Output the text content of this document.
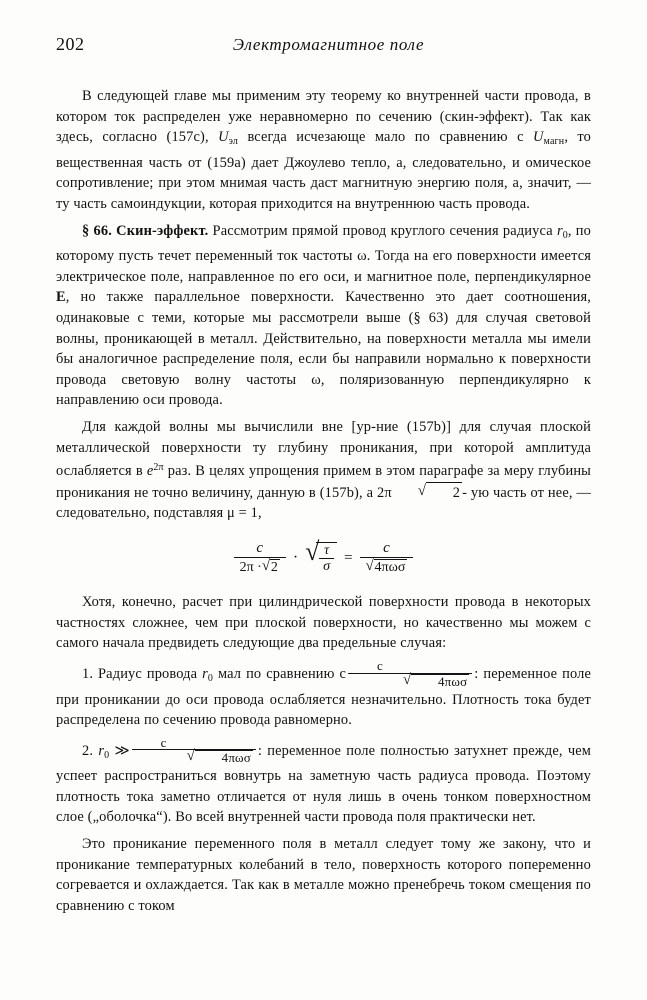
202	Электромагнитное поле

В следующей главе мы применим эту теорему ко внутренней части провода, в котором ток распределен уже неравномерно по сечению (скин-эффект). Так как здесь, согласно (157с), $U_{эл}$ всегда исчезающе мало по сравнению с $U_{магн}$, то вещественная часть от (159а) дает Джоулево тепло, а, следовательно, и омическое сопротивление; при этом мнимая часть даст магнитную энергию поля, а, значит, — ту часть самоиндукции, которая приходится на внутреннюю часть провода.

§ 66. Скин-эффект. Рассмотрим прямой провод круглого сечения радиуса $r_0$, по которому пусть течет переменный ток частоты ω. Тогда на его поверхности имеется электрическое поле, направленное по его оси, и магнитное поле, перпендикулярное E, но также параллельное поверхности. Качественно это дает соотношения, одинаковые с теми, которые мы рассмотрели выше (§ 63) для случая световой волны, проникающей в металл. Действительно, на поверхности металла мы имели бы аналогичное распределение поля, если бы направили нормально к поверхности провода световую волну частоты ω, поляризованную перпендикулярно к направлению оси провода.

Для каждой волны мы вычислили вне [ур-ние (157b)] для случая плоской металлической поверхности ту глубину проникания, при которой амплитуда ослабляется в $e^{2\pi}$ раз. В целях упрощения примем в этом параграфе за меру глубины проникания не точно величину, данную в (157b), а 2π	√ 2 - ую часть от нее, — следовательно, подставляя μ = 1,

$\frac{c}{2\pi \cdot √ 2}$ · √ $\frac{\tau}{\sigma} = c$
√ 4πωσ

Хотя, конечно, расчет при цилиндрической поверхности провода в некоторых частностях сложнее, чем при плоской поверхности, но качественно мы можем с самого начала предвидеть следующие два предельные случая:

1. Радиус провода $r_0$ мал по сравнению с c
√ 4πωσ : переменное поле при проникании до оси провода ослабляется незначительно. Плотность тока будет распределена по сечению провода равномерно.

2. $r_0$ ≫ c
√ 4πωσ : переменное поле полностью затухнет прежде, чем успеет распространиться вовнутрь на заметную часть радиуса провода. Поэтому плотность тока заметно отличается от нуля лишь в очень тонком поверхностном слое („оболочка“). Во всей внутренней части провода поля практически нет.

Это проникание переменного поля в металл следует тому же закону, что и проникание температурных колебаний в тело, поверхность которого попеременно согревается и охлаждается. Так как в металле можно пренебречь током смещения по сравнению с током
